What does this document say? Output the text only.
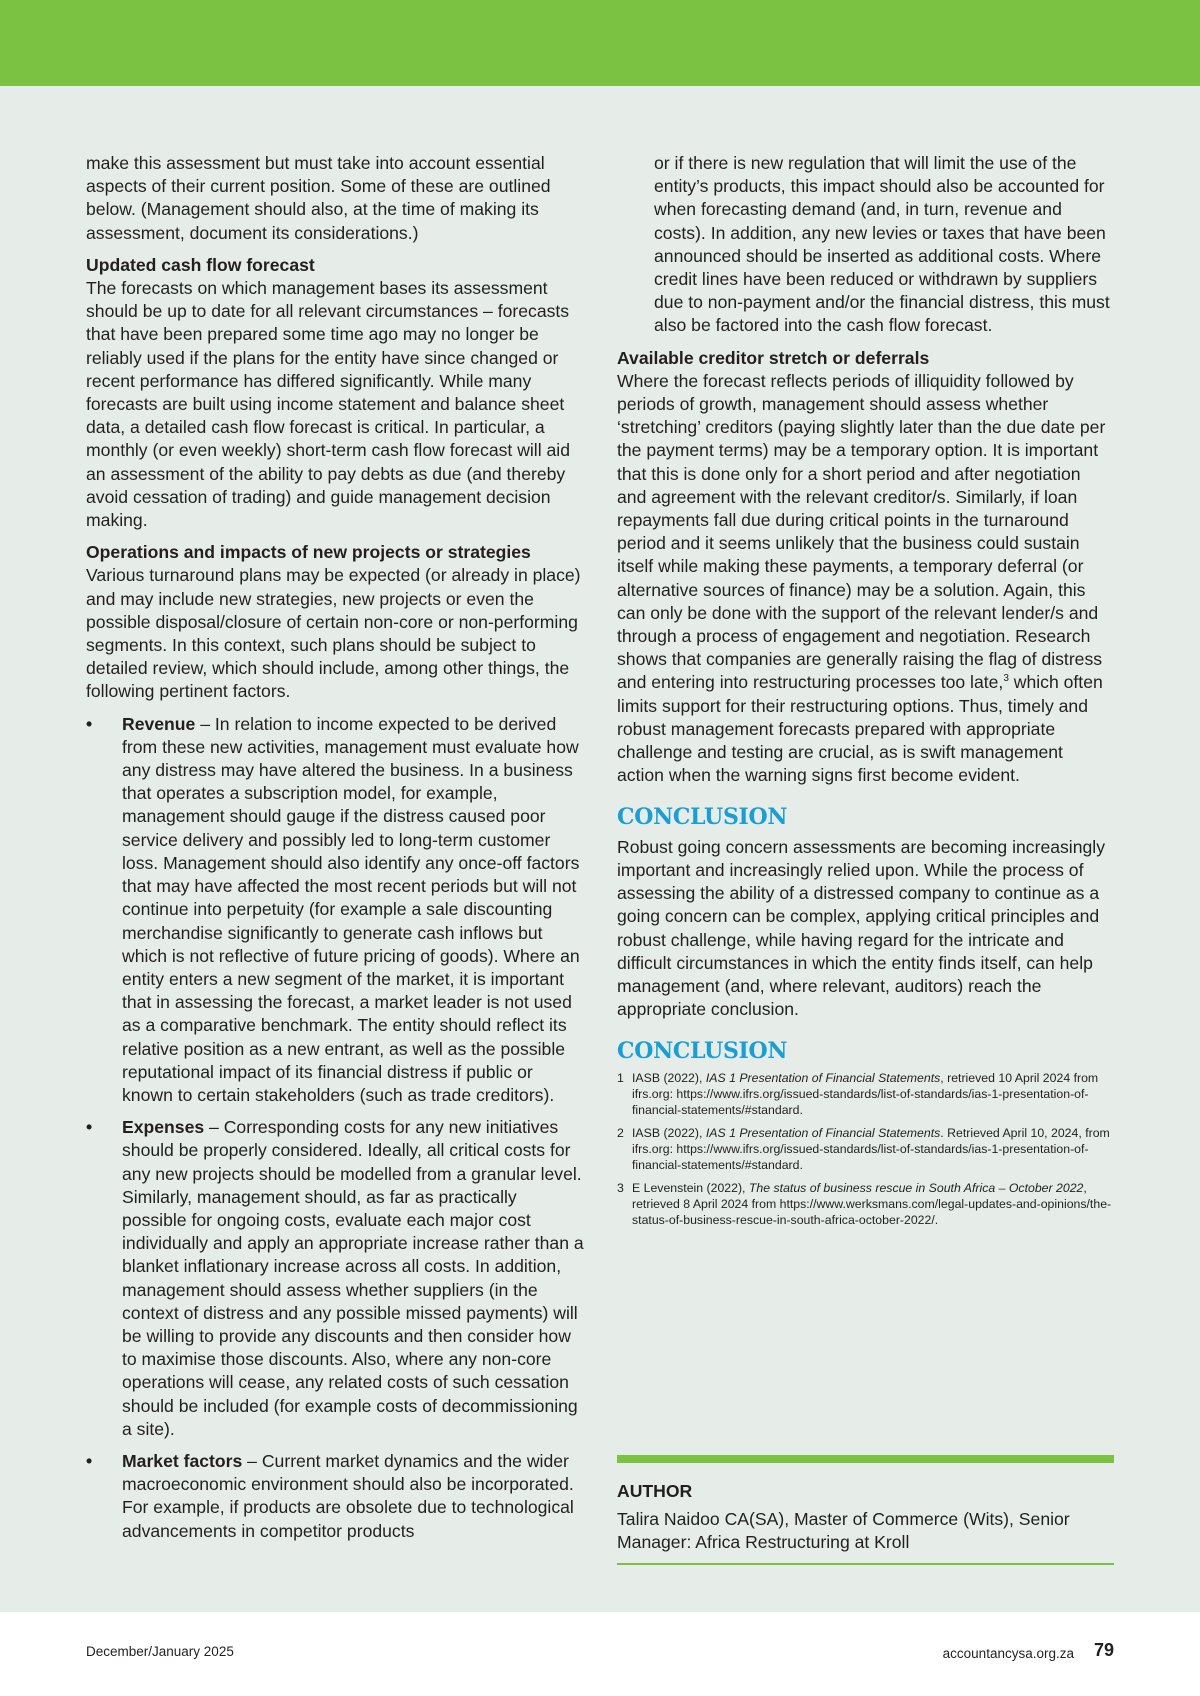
make this assessment but must take into account essential aspects of their current position. Some of these are outlined below. (Management should also, at the time of making its assessment, document its considerations.)

Updated cash flow forecast
The forecasts on which management bases its assessment should be up to date for all relevant circumstances – forecasts that have been prepared some time ago may no longer be reliably used if the plans for the entity have since changed or recent performance has differed significantly. While many forecasts are built using income statement and balance sheet data, a detailed cash flow forecast is critical. In particular, a monthly (or even weekly) short-term cash flow forecast will aid an assessment of the ability to pay debts as due (and thereby avoid cessation of trading) and guide management decision making.

Operations and impacts of new projects or strategies
Various turnaround plans may be expected (or already in place) and may include new strategies, new projects or even the possible disposal/closure of certain non-core or non-performing segments. In this context, such plans should be subject to detailed review, which should include, among other things, the following pertinent factors.

• Revenue – In relation to income expected to be derived from these new activities, management must evaluate how any distress may have altered the business. In a business that operates a subscription model, for example, management should gauge if the distress caused poor service delivery and possibly led to long-term customer loss. Management should also identify any once-off factors that may have affected the most recent periods but will not continue into perpetuity (for example a sale discounting merchandise significantly to generate cash inflows but which is not reflective of future pricing of goods). Where an entity enters a new segment of the market, it is important that in assessing the forecast, a market leader is not used as a comparative benchmark. The entity should reflect its relative position as a new entrant, as well as the possible reputational impact of its financial distress if public or known to certain stakeholders (such as trade creditors).
• Expenses – Corresponding costs for any new initiatives should be properly considered. Ideally, all critical costs for any new projects should be modelled from a granular level. Similarly, management should, as far as practically possible for ongoing costs, evaluate each major cost individually and apply an appropriate increase rather than a blanket inflationary increase across all costs. In addition, management should assess whether suppliers (in the context of distress and any possible missed payments) will be willing to provide any discounts and then consider how to maximise those discounts. Also, where any non-core operations will cease, any related costs of such cessation should be included (for example costs of decommissioning a site).
• Market factors – Current market dynamics and the wider macroeconomic environment should also be incorporated. For example, if products are obsolete due to technological advancements in competitor products

or if there is new regulation that will limit the use of the entity’s products, this impact should also be accounted for when forecasting demand (and, in turn, revenue and costs). In addition, any new levies or taxes that have been announced should be inserted as additional costs. Where credit lines have been reduced or withdrawn by suppliers due to non-payment and/or the financial distress, this must also be factored into the cash flow forecast.

Available creditor stretch or deferrals
Where the forecast reflects periods of illiquidity followed by periods of growth, management should assess whether ‘stretching’ creditors (paying slightly later than the due date per the payment terms) may be a temporary option. It is important that this is done only for a short period and after negotiation and agreement with the relevant creditor/s. Similarly, if loan repayments fall due during critical points in the turnaround period and it seems unlikely that the business could sustain itself while making these payments, a temporary deferral (or alternative sources of finance) may be a solution. Again, this can only be done with the support of the relevant lender/s and through a process of engagement and negotiation. Research shows that companies are generally raising the flag of distress and entering into restructuring processes too late,$^3$ which often limits support for their restructuring options. Thus, timely and robust management forecasts prepared with appropriate challenge and testing are crucial, as is swift management action when the warning signs first become evident.

CONCLUSION

Robust going concern assessments are becoming increasingly important and increasingly relied upon. While the process of assessing the ability of a distressed company to continue as a going concern can be complex, applying critical principles and robust challenge, while having regard for the intricate and difficult circumstances in which the entity finds itself, can help management (and, where relevant, auditors) reach the appropriate conclusion.

CONCLUSION
1 IASB (2022), IAS 1 Presentation of Financial Statements, retrieved 10 April 2024 from ifrs.org: https://www.ifrs.org/issued-standards/list-of-standards/ias-1-presentation-of-financial-statements/#standard.
2 IASB (2022), IAS 1 Presentation of Financial Statements. Retrieved April 10, 2024, from ifrs.org: https://www.ifrs.org/issued-standards/list-of-standards/ias-1-presentation-of-financial-statements/#standard.
3 E Levenstein (2022), The status of business rescue in South Africa – October 2022, retrieved 8 April 2024 from https://www.werksmans.com/legal-updates-and-opinions/the-status-of-business-rescue-in-south-africa-october-2022/.
AUTHOR
Talira Naidoo CA(SA), Master of Commerce (Wits), Senior Manager: Africa Restructuring at Kroll
December/January 2025	accountancysa.org.za 79
